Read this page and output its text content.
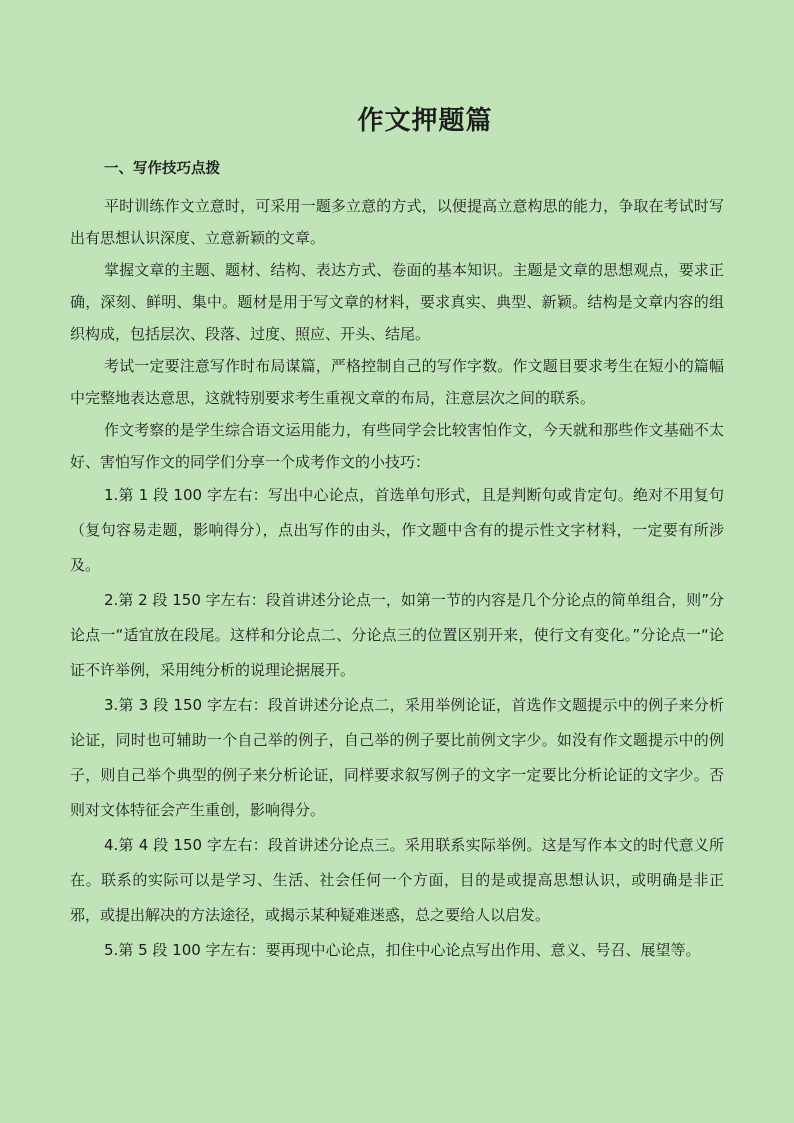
作文押题篇
一、写作技巧点拨

平时训练作文立意时，可采用一题多立意的方式，以便提高立意构思的能力，争取在考试时写出有思想认识深度、立意新颖的文章。

掌握文章的主题、题材、结构、表达方式、卷面的基本知识。主题是文章的思想观点，要求正确，深刻、鲜明、集中。题材是用于写文章的材料，要求真实、典型、新颖。结构是文章内容的组织构成，包括层次、段落、过度、照应、开头、结尾。

考试一定要注意写作时布局谋篇，严格控制自己的写作字数。作文题目要求考生在短小的篇幅中完整地表达意思，这就特别要求考生重视文章的布局，注意层次之间的联系。

作文考察的是学生综合语文运用能力，有些同学会比较害怕作文，今天就和那些作文基础不太好、害怕写作文的同学们分享一个成考作文的小技巧：

1.第 1 段 100 字左右：写出中心论点，首选单句形式，且是判断句或肯定句。绝对不用复句（复句容易走题，影响得分），点出写作的由头，作文题中含有的提示性文字材料，一定要有所涉及。

2.第 2 段 150 字左右：段首讲述分论点一，如第一节的内容是几个分论点的简单组合，则”分论点一“适宜放在段尾。这样和分论点二、分论点三的位置区别开来，使行文有变化。”分论点一“论证不许举例，采用纯分析的说理论据展开。

3.第 3 段 150 字左右：段首讲述分论点二，采用举例论证，首选作文题提示中的例子来分析论证，同时也可辅助一个自己举的例子，自己举的例子要比前例文字少。如没有作文题提示中的例子，则自己举个典型的例子来分析论证，同样要求叙写例子的文字一定要比分析论证的文字少。否则对文体特征会产生重创，影响得分。

4.第 4 段 150 字左右：段首讲述分论点三。采用联系实际举例。这是写作本文的时代意义所在。联系的实际可以是学习、生活、社会任何一个方面，目的是或提高思想认识，或明确是非正邪，或提出解决的方法途径，或揭示某种疑难迷惑，总之要给人以启发。

5.第 5 段 100 字左右：要再现中心论点，扣住中心论点写出作用、意义、号召、展望等。
